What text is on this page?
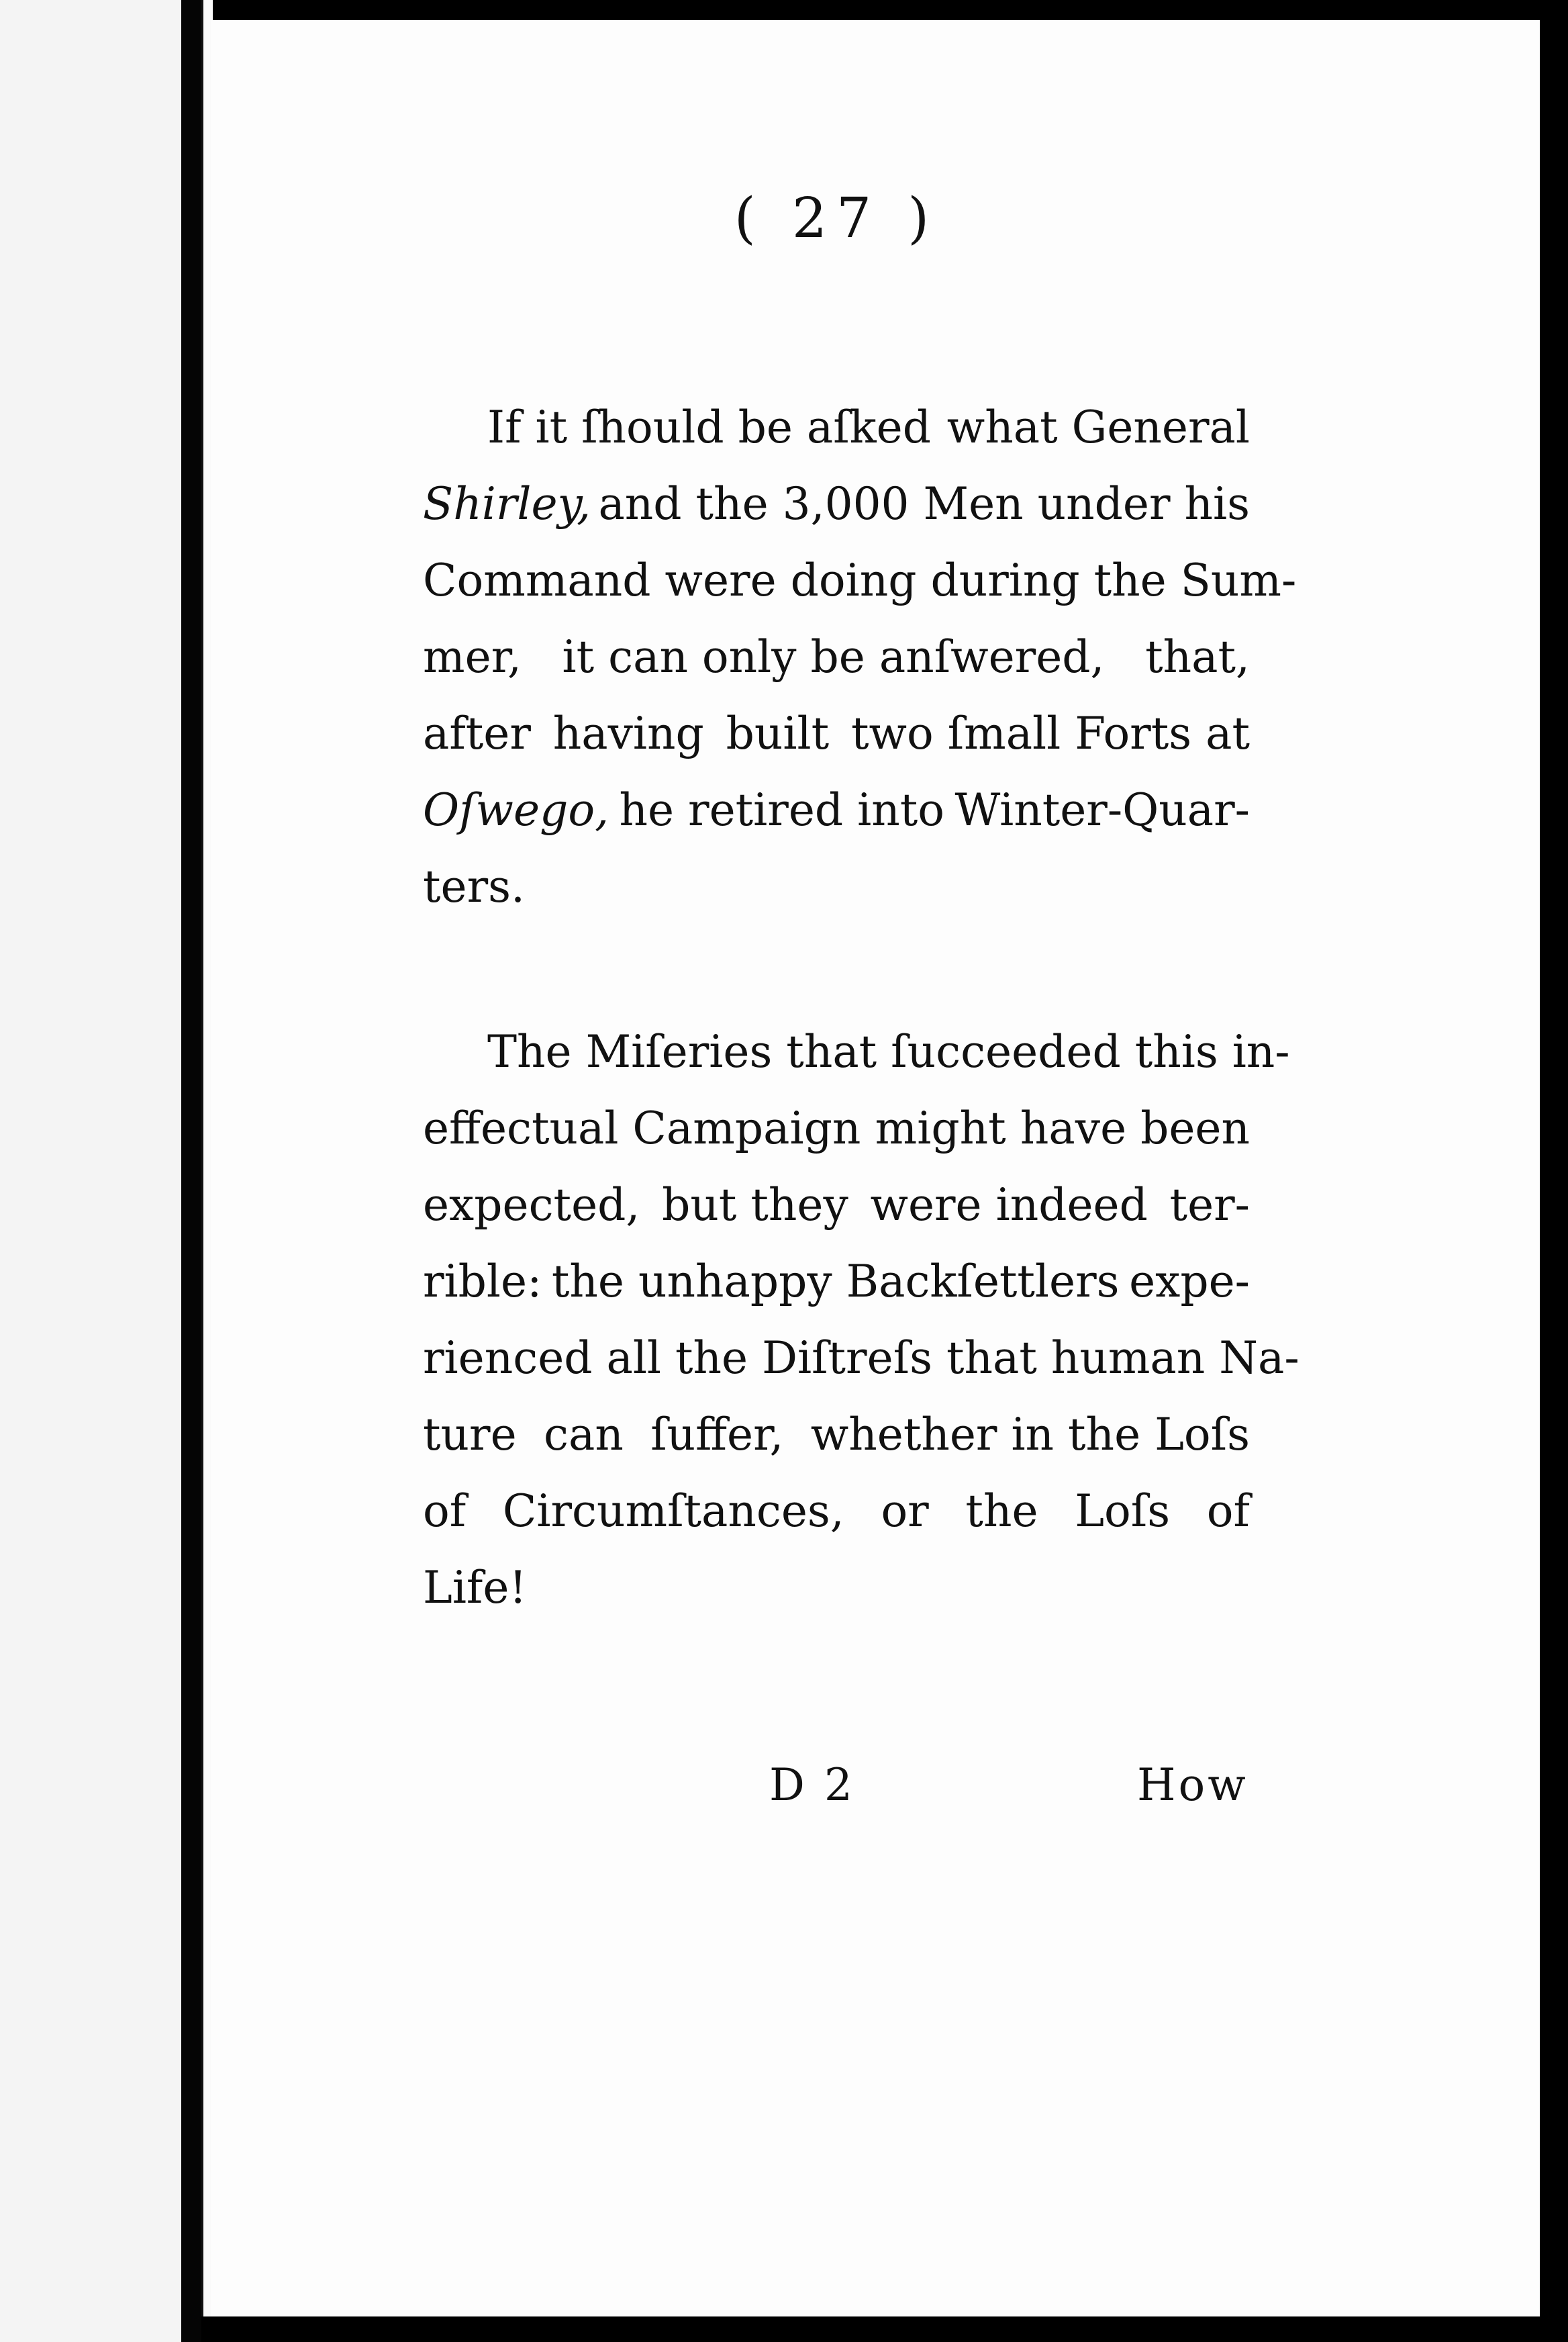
( 27 )
If it ſhould be aſked what General
Shirley, and the 3,000 Men under his
Command were doing during the Sum-
mer, it can only be anſwered, that,
after having built two ſmall Forts at
Oſwego, he retired into Winter-Quar-
ters.
The Miſeries that ſucceeded this in-
effectual Campaign might have been
expected, but they were indeed ter-
rible: the unhappy Backſettlers expe-
rienced all the Diſtreſs that human Na-
ture can ſuffer, whether in the Loſs
of Circumſtances, or the Loſs of
Life!
D 2	How
